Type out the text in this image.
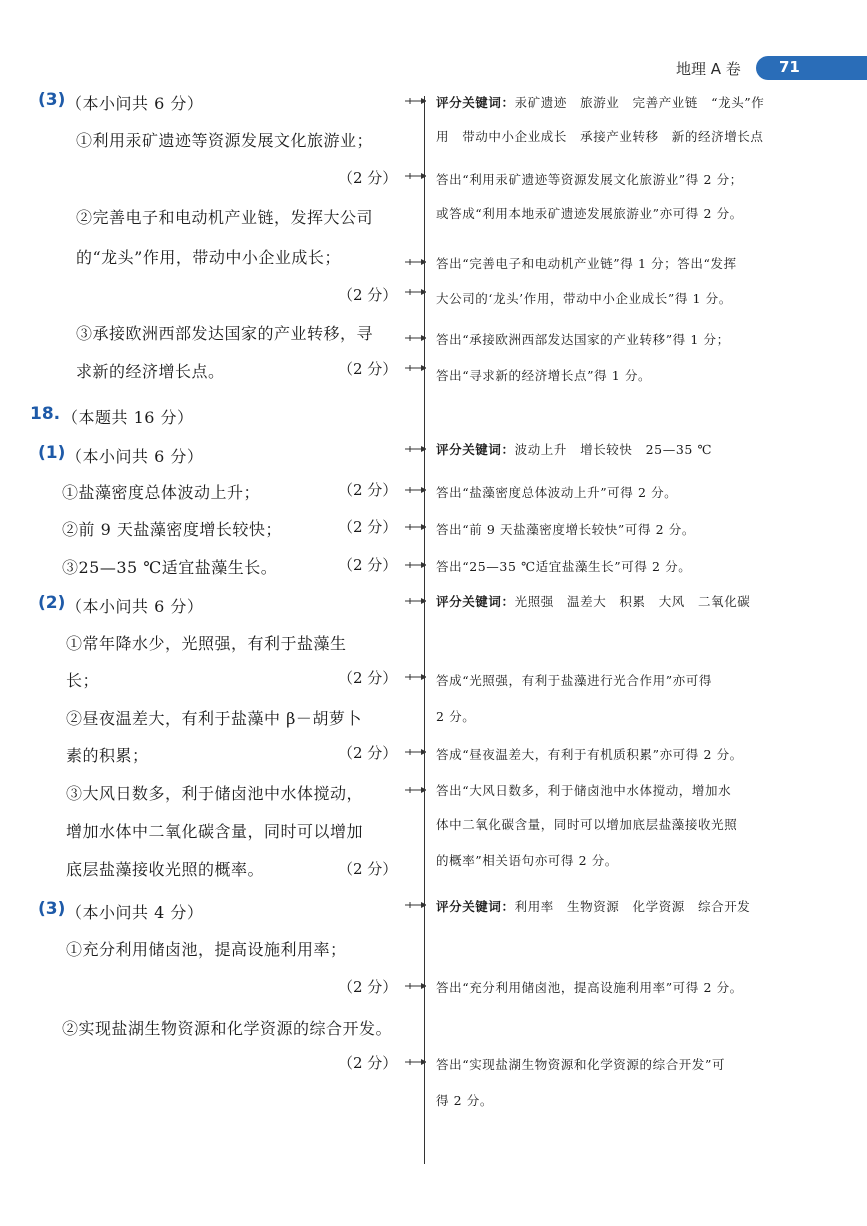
地理 A 卷	71
(3) （本小问共 6 分）
①利用汞矿遗迹等资源发展文化旅游业；
（2 分）
②完善电子和电动机产业链，发挥大公司
的“龙头”作用，带动中小企业成长；
（2 分）
③承接欧洲西部发达国家的产业转移，寻
求新的经济增长点。	（2 分）
18. （本题共 16 分）
(1) （本小问共 6 分）
①盐藻密度总体波动上升；	（2 分）
②前 9 天盐藻密度增长较快；	（2 分）
③25—35 ℃适宜盐藻生长。	（2 分）
(2) （本小问共 6 分）
①常年降水少，光照强，有利于盐藻生
长；	（2 分）
②昼夜温差大，有利于盐藻中 β－胡萝卜
素的积累；	（2 分）
③大风日数多，利于储卤池中水体搅动，
增加水体中二氧化碳含量，同时可以增加
底层盐藻接收光照的概率。	（2 分）
(3) （本小问共 4 分）
①充分利用储卤池，提高设施利用率；
（2 分）
②实现盐湖生物资源和化学资源的综合开发。
（2 分）
评分关键词：汞矿遗迹　旅游业　完善产业链　“龙头”作
用　带动中小企业成长　承接产业转移　新的经济增长点
答出“利用汞矿遗迹等资源发展文化旅游业”得 2 分；
或答成“利用本地汞矿遗迹发展旅游业”亦可得 2 分。
答出“完善电子和电动机产业链”得 1 分；答出“发挥
大公司的‘龙头’作用，带动中小企业成长”得 1 分。
答出“承接欧洲西部发达国家的产业转移”得 1 分；
答出“寻求新的经济增长点”得 1 分。
评分关键词：波动上升　增长较快　25—35 ℃
答出“盐藻密度总体波动上升”可得 2 分。
答出“前 9 天盐藻密度增长较快”可得 2 分。
答出“25—35 ℃适宜盐藻生长”可得 2 分。
评分关键词：光照强　温差大　积累　大风　二氧化碳
答成“光照强，有利于盐藻进行光合作用”亦可得
2 分。
答成“昼夜温差大，有利于有机质积累”亦可得 2 分。
答出“大风日数多，利于储卤池中水体搅动，增加水
体中二氧化碳含量，同时可以增加底层盐藻接收光照
的概率”相关语句亦可得 2 分。
评分关键词：利用率　生物资源　化学资源　综合开发
答出“充分利用储卤池，提高设施利用率”可得 2 分。
答出“实现盐湖生物资源和化学资源的综合开发”可
得 2 分。
